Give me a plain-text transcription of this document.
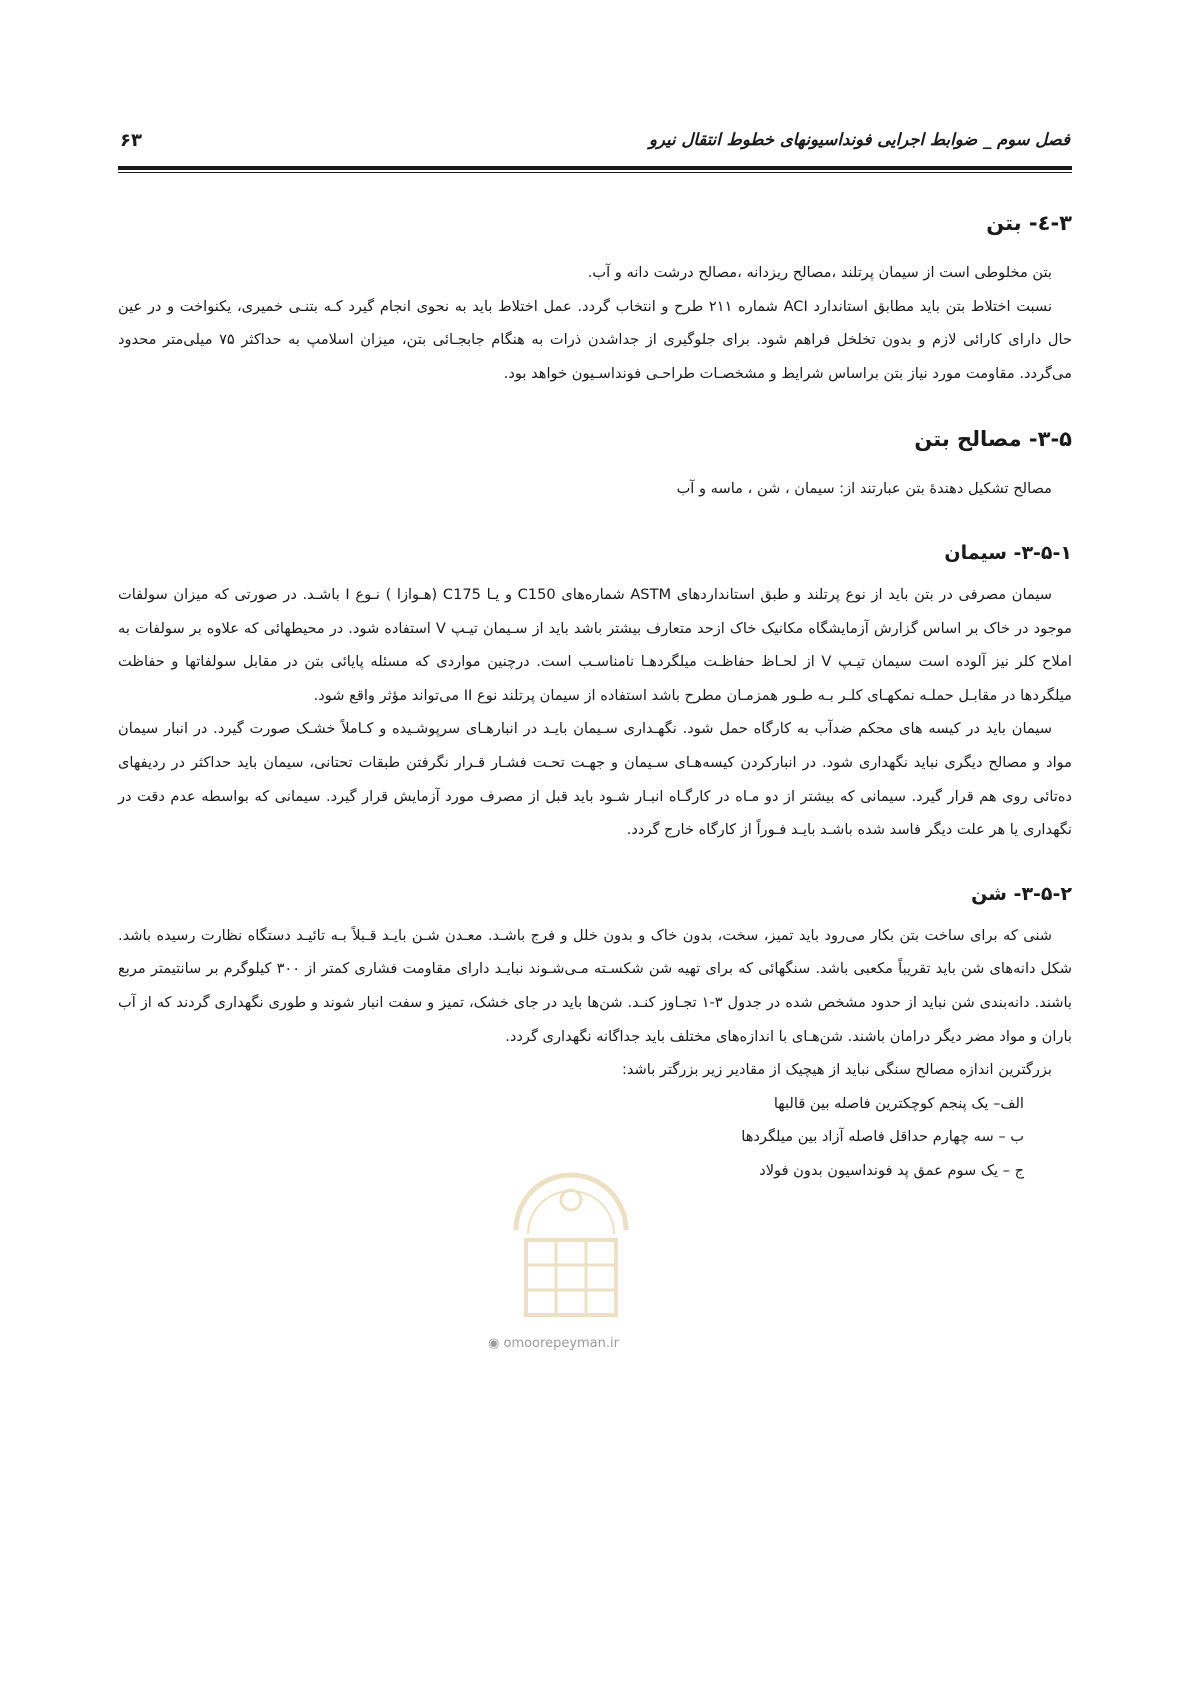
فصل سوم _ ضوابط اجرایی فونداسیونهای خطوط انتقال نیرو
۶۳
۳-٤- بتن

بتن مخلوطی است از سیمان پرتلند ،مصالح ریزدانه ،مصالح درشت دانه و آب.

نسبت اختلاط بتن باید مطابق استاندارد ACI شماره ۲۱۱ طرح و انتخاب گردد. عمل اختلاط باید به نحوی انجام گیرد کـه بتنـی خمیری، یکنواخت و در عین حال دارای کارائی لازم و بدون تخلخل فراهم شود. برای جلوگیری از جداشدن ذرات به هنگام جابجـائی بتن، میزان اسلامپ به حداکثر ۷۵ میلی‌متر محدود می‌گردد. مقاومت مورد نیاز بتن براساس شرایط و مشخصـات طراحـی فونداسـیون خواهد بود.

۳-۵- مصالح بتن

مصالح تشکیل دهندهٔ بتن عبارتند از: سیمان ، شن ، ماسه و آب

۳-۵-۱- سیمان

سیمان مصرفی در بتن باید از نوع پرتلند و طبق استانداردهای ASTM شماره‌های C150 و یـا C175 (هـوازا ) نـوع I باشـد. در صورتی که میزان سولفات موجود در خاک بر اساس گزارش آزمایشگاه مکانیک خاک ازحد متعارف بیشتر باشد باید از سـیمان تیـپ V استفاده شود. در محیطهائی که علاوه بر سولفات به املاح کلر نیز آلوده است سیمان تیـپ V از لحـاظ حفاظـت میلگردهـا نامناسـب است. درچنین مواردی که مسئله پایائی بتن در مقابل سولفاتها و حفاظت میلگردها در مقابـل حملـه نمکهـای کلـر بـه طـور همزمـان مطرح باشد استفاده از سیمان پرتلند نوع II می‌تواند مؤثر واقع شود.

سیمان باید در کیسه های محکم ضدآب به کارگاه حمل شود. نگهـداری سـیمان بایـد در انبارهـای سرپوشـیده و کـاملاً خشـک صورت گیرد. در انبار سیمان مواد و مصالح دیگری نباید نگهداری شود. در انبارکردن کیسه‌هـای سـیمان و جهـت تحـت فشـار قـرار نگرفتن طبقات تحتانی، سیمان باید حداکثر در ردیفهای ده‌تائی روی هم قرار گیرد. سیمانی که بیشتر از دو مـاه در کارگـاه انبـار شـود باید قبل از مصرف مورد آزمایش قرار گیرد. سیمانی که بواسطه عدم دقت در نگهداری یا هر علت دیگر فاسد شده باشـد بایـد فـوراً از کارگاه خارج گردد.

۳-۵-۲- شن

شنی که برای ساخت بتن بکار می‌رود باید تمیز، سخت، بدون خاک و بدون خلل و فرج باشـد. معـدن شـن بایـد قـبلاً بـه تائیـد دستگاه نظارت رسیده باشد. شکل دانه‌های شن باید تقریباً مکعبی باشد. سنگهائی که برای تهیه شن شکسـته مـی‌شـوند نبایـد دارای مقاومت فشاری کمتر از ۳۰۰ کیلوگرم بر سانتیمتر مربع باشند. دانه‌بندی شن نباید از حدود مشخص شده در جدول ۳-۱ تجـاوز کنـد. شن‌ها باید در جای خشک، تمیز و سفت انبار شوند و طوری نگهداری گردند که از آب باران و مواد مضر دیگر درامان باشند. شن‌هـای با اندازه‌های مختلف باید جداگانه نگهداری گردد.

بزرگترین اندازه مصالح سنگی نباید از هیچیک از مقادیر زیر بزرگتر باشد:

الف– یک پنجم کوچکترین فاصله بین قالبها
ب – سه چهارم حداقل فاصله آزاد بین میلگردها
ج – یک سوم عمق پد فونداسیون بدون فولاد
◉ omoorepeyman.ir
